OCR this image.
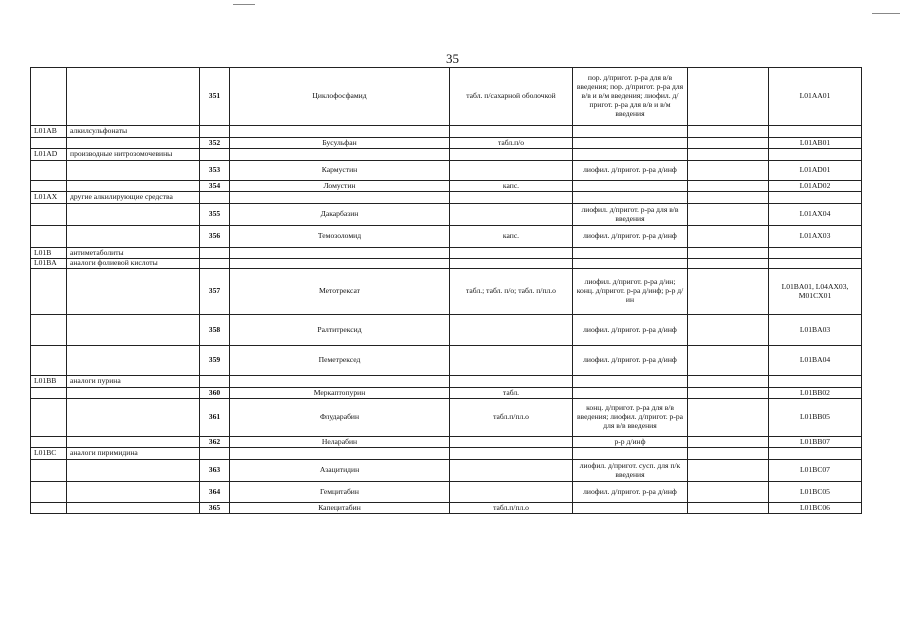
35
		351	Циклофосфамид	табл. п/сахарной оболочкой	пор. д/пригот. р-ра для в/в введения; пор. д/пригот. р-ра для в/в и в/м введения; лиофил. д/пригот. р-ра для в/в и в/м введения		L01AA01
L01AB	алкилсульфонаты						
		352	Бусульфан	табл.п/о			L01AB01
L01AD	производные нитрозомочевины						
		353	Кармустин		лиофил. д/пригот. р-ра д/инф		L01AD01
		354	Ломустин	капс.			L01AD02
L01AX	другие алкилирующие средства						
		355	Дакарбазин		лиофил. д/пригот. р-ра для в/в введения		L01AX04
		356	Темозоломид	капс.	лиофил. д/пригот. р-ра д/инф		L01AX03
L01B	антиметаболиты						
L01BA	аналоги фолиевой кислоты						
		357	Метотрексат	табл.; табл. п/о; табл. п/пл.о	лиофил. д/пригот. р-ра д/ин; конц. д/пригот. р-ра д/инф; р-р д/ин		L01BA01, L04AX03, M01CX01
		358	Ралтитрексид		лиофил. д/пригот. р-ра д/инф		L01BA03
		359	Пеметрексед		лиофил. д/пригот. р-ра д/инф		L01BA04
L01BB	аналоги пурина						
		360	Меркаптопурин	табл.			L01BB02
		361	Флударабин	табл.п/пл.о	конц. д/пригот. р-ра для в/в введения; лиофил. д/пригот. р-ра для в/в введения		L01BB05
		362	Неларабин		р-р д/инф		L01BB07
L01BC	аналоги пиримидина						
		363	Азацитидин		лиофил. д/пригот. сусп. для п/к введения		L01BC07
		364	Гемцитабин		лиофил. д/пригот. р-ра д/инф		L01BC05
		365	Капецитабин	табл.п/пл.о			L01BC06
